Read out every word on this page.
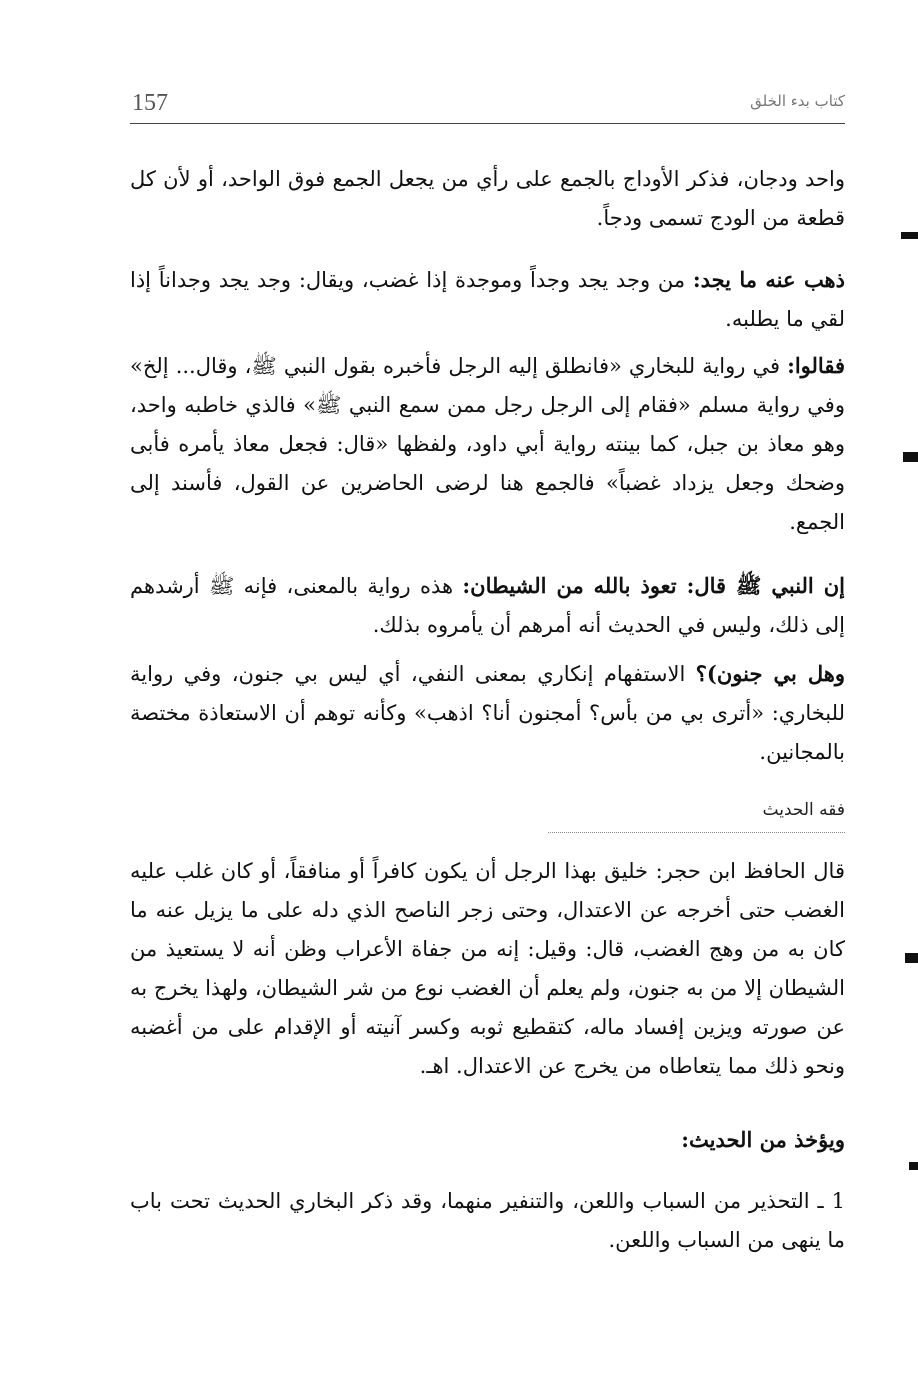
157	كتاب بدء الخلق

واحد ودجان، فذكر الأوداج بالجمع على رأي من يجعل الجمع فوق الواحد، أو لأن كل قطعة من الودج تسمى ودجاً.

ذهب عنه ما يجد: من وجد يجد وجداً وموجدة إذا غضب، ويقال: وجد يجد وجداناً إذا لقي ما يطلبه.

فقالوا: في رواية للبخاري «فانطلق إليه الرجل فأخبره بقول النبي ﷺ، وقال... إلخ» وفي رواية مسلم «فقام إلى الرجل رجل ممن سمع النبي ﷺ» فالذي خاطبه واحد، وهو معاذ بن جبل، كما بينته رواية أبي داود، ولفظها «قال: فجعل معاذ يأمره فأبى وضحك وجعل يزداد غضباً» فالجمع هنا لرضى الحاضرين عن القول، فأسند إلى الجمع.

إن النبي ﷺ قال: تعوذ بالله من الشيطان: هذه رواية بالمعنى، فإنه ﷺ أرشدهم إلى ذلك، وليس في الحديث أنه أمرهم أن يأمروه بذلك.

وهل بي جنون)؟ الاستفهام إنكاري بمعنى النفي، أي ليس بي جنون، وفي رواية للبخاري: «أترى بي من بأس؟ أمجنون أنا؟ اذهب» وكأنه توهم أن الاستعاذة مختصة بالمجانين.

فقه الحديث

قال الحافظ ابن حجر: خليق بهذا الرجل أن يكون كافراً أو منافقاً، أو كان غلب عليه الغضب حتى أخرجه عن الاعتدال، وحتى زجر الناصح الذي دله على ما يزيل عنه ما كان به من وهج الغضب، قال: وقيل: إنه من جفاة الأعراب وظن أنه لا يستعيذ من الشيطان إلا من به جنون، ولم يعلم أن الغضب نوع من شر الشيطان، ولهذا يخرج به عن صورته ويزين إفساد ماله، كتقطيع ثوبه وكسر آنيته أو الإقدام على من أغضبه ونحو ذلك مما يتعاطاه من يخرج عن الاعتدال. اهـ.

ويؤخذ من الحديث:

1 ـ التحذير من السباب واللعن، والتنفير منهما، وقد ذكر البخاري الحديث تحت باب ما ينهى من السباب واللعن.
